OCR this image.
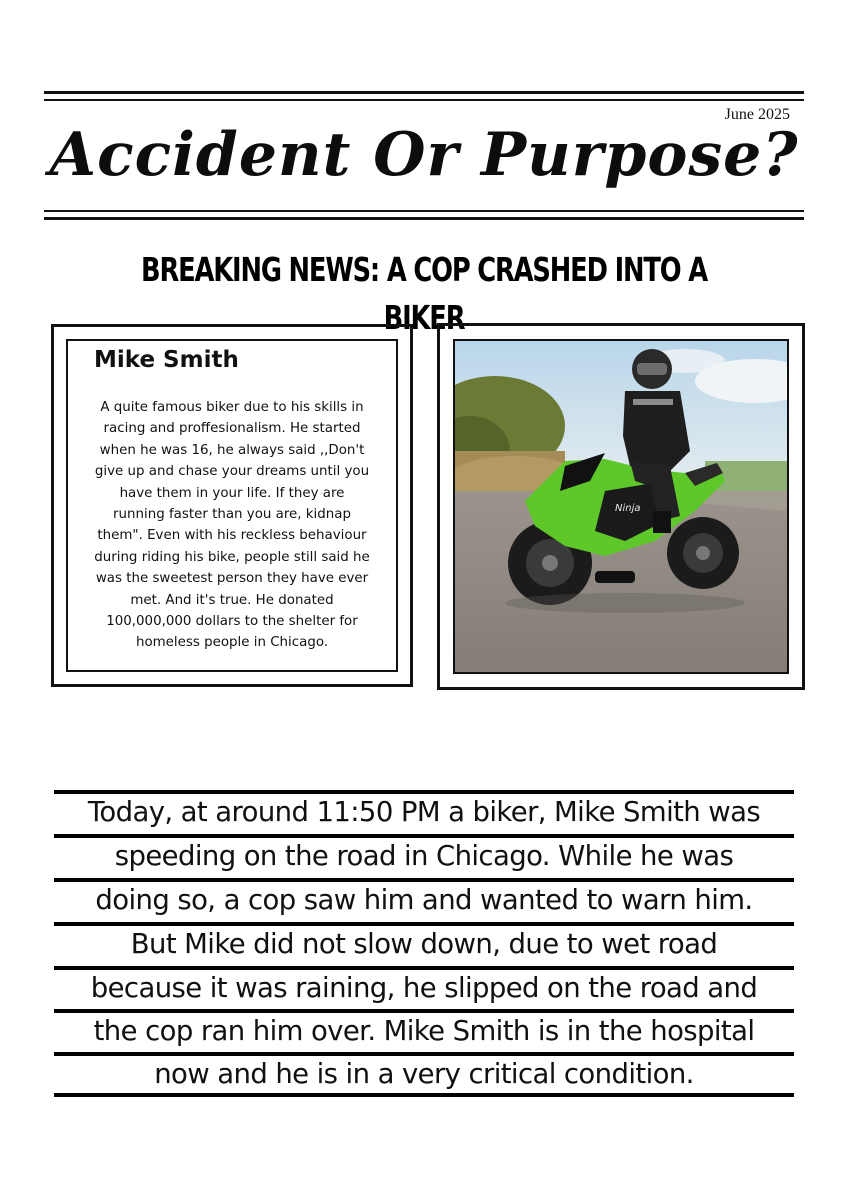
June 2025
Accident Or Purpose?
BREAKING NEWS: A COP CRASHED INTO A BIKER
Mike Smith
A quite famous biker due to his skills in
racing and proffesionalism. He started
when he was 16, he always said ,,Don't
give up and chase your dreams until you
have them in your life. If they are
running faster than you are, kidnap
them". Even with his reckless behaviour
during riding his bike, people still said he
was the sweetest person they have ever
met. And it's true. He donated
100,000,000 dollars to the shelter for
homeless people in Chicago.
Ninja
Today, at around 11:50 PM a biker, Mike Smith was
speeding on the road in Chicago. While he was
doing so, a cop saw him and wanted to warn him.
But Mike did not slow down, due to wet road
because it was raining, he slipped on the road and
the cop ran him over. Mike Smith is in the hospital
now and he is in a very critical condition.
